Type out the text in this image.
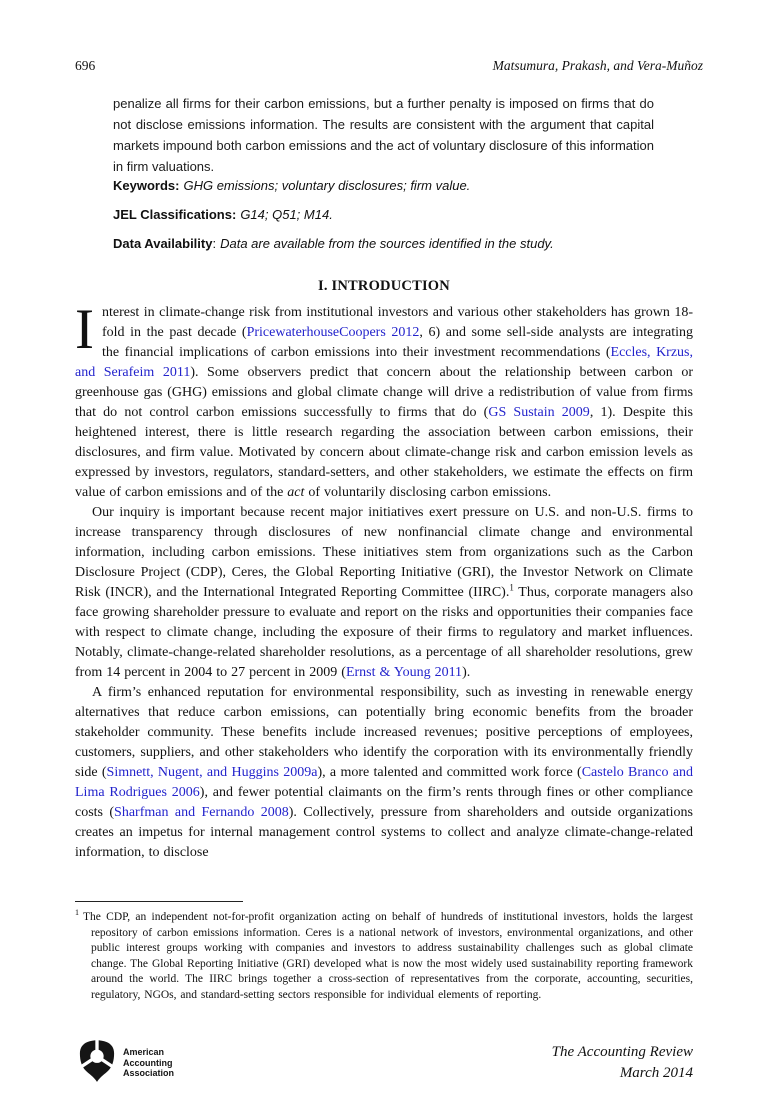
696	Matsumura, Prakash, and Vera-Muñoz

penalize all firms for their carbon emissions, but a further penalty is imposed on firms that do not disclose emissions information. The results are consistent with the argument that capital markets impound both carbon emissions and the act of voluntary disclosure of this information in firm valuations.

Keywords: GHG emissions; voluntary disclosures; firm value.

JEL Classifications: G14; Q51; M14.

Data Availability: Data are available from the sources identified in the study.

I. INTRODUCTION

Interest in climate-change risk from institutional investors and various other stakeholders has grown 18-fold in the past decade (PricewaterhouseCoopers 2012, 6) and some sell-side analysts are integrating the financial implications of carbon emissions into their investment recommendations (Eccles, Krzus, and Serafeim 2011). Some observers predict that concern about the relationship between carbon or greenhouse gas (GHG) emissions and global climate change will drive a redistribution of value from firms that do not control carbon emissions successfully to firms that do (GS Sustain 2009, 1). Despite this heightened interest, there is little research regarding the association between carbon emissions, their disclosures, and firm value. Motivated by concern about climate-change risk and carbon emission levels as expressed by investors, regulators, standard-setters, and other stakeholders, we estimate the effects on firm value of carbon emissions and of the act of voluntarily disclosing carbon emissions.

Our inquiry is important because recent major initiatives exert pressure on U.S. and non-U.S. firms to increase transparency through disclosures of new nonfinancial climate change and environmental information, including carbon emissions. These initiatives stem from organizations such as the Carbon Disclosure Project (CDP), Ceres, the Global Reporting Initiative (GRI), the Investor Network on Climate Risk (INCR), and the International Integrated Reporting Committee (IIRC).$^1$ Thus, corporate managers also face growing shareholder pressure to evaluate and report on the risks and opportunities their companies face with respect to climate change, including the exposure of their firms to regulatory and market influences. Notably, climate-change-related shareholder resolutions, as a percentage of all shareholder resolutions, grew from 14 percent in 2004 to 27 percent in 2009 (Ernst & Young 2011).

A firm’s enhanced reputation for environmental responsibility, such as investing in renewable energy alternatives that reduce carbon emissions, can potentially bring economic benefits from the broader stakeholder community. These benefits include increased revenues; positive perceptions of employees, customers, suppliers, and other stakeholders who identify the corporation with its environmentally friendly side (Simnett, Nugent, and Huggins 2009a), a more talented and committed work force (Castelo Branco and Lima Rodrigues 2006), and fewer potential claimants on the firm’s rents through fines or other compliance costs (Sharfman and Fernando 2008). Collectively, pressure from shareholders and outside organizations creates an impetus for internal management control systems to collect and analyze climate-change-related information, to disclose

$^1$ The CDP, an independent not-for-profit organization acting on behalf of hundreds of institutional investors, holds the largest repository of carbon emissions information. Ceres is a national network of investors, environmental organizations, and other public interest groups working with companies and investors to address sustainability challenges such as global climate change. The Global Reporting Initiative (GRI) developed what is now the most widely used sustainability reporting framework around the world. The IIRC brings together a cross-section of representatives from the corporate, accounting, securities, regulatory, NGOs, and standard-setting sectors responsible for individual elements of reporting.

American
Accounting
Association
The Accounting Review
March 2014
